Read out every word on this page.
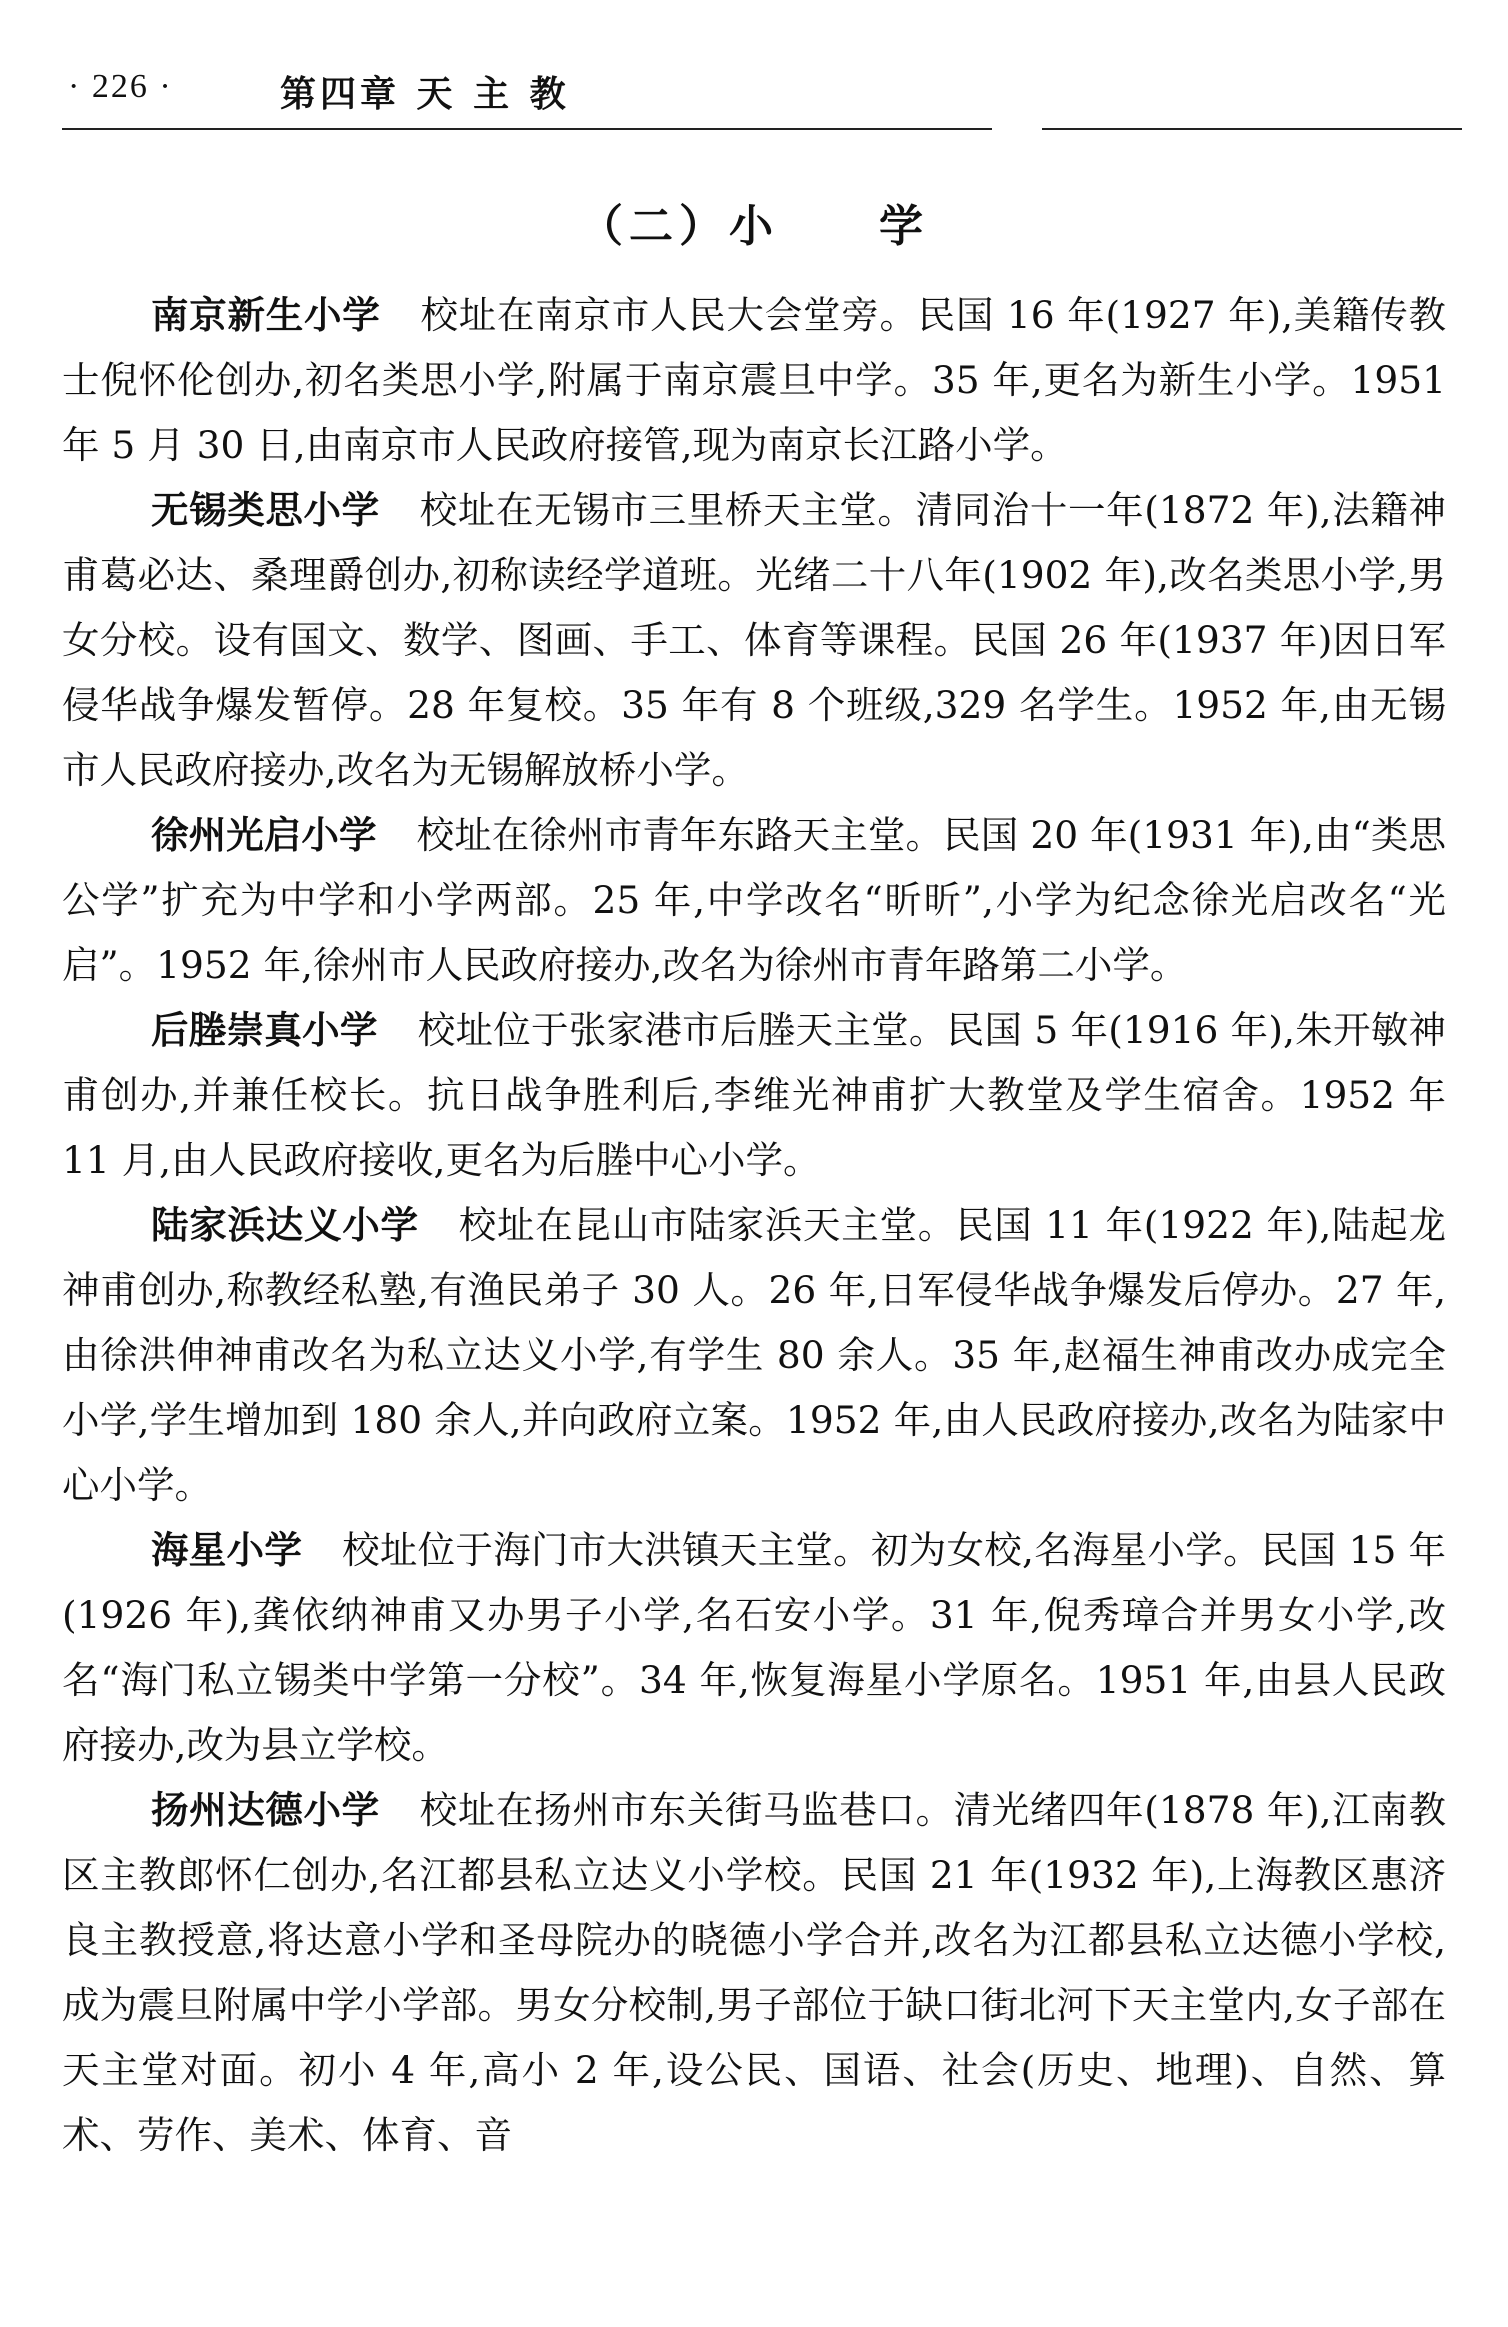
· 226 ·	第四章 天 主 教
（二）小　　学

南京新生小学 校址在南京市人民大会堂旁。民国 16 年(1927 年),美籍传教士倪怀伦创办,初名类思小学,附属于南京震旦中学。35 年,更名为新生小学。1951 年 5 月 30 日,由南京市人民政府接管,现为南京长江路小学。

无锡类思小学 校址在无锡市三里桥天主堂。清同治十一年(1872 年),法籍神甫葛必达、桑理爵创办,初称读经学道班。光绪二十八年(1902 年),改名类思小学,男女分校。设有国文、数学、图画、手工、体育等课程。民国 26 年(1937 年)因日军侵华战争爆发暂停。28 年复校。35 年有 8 个班级,329 名学生。1952 年,由无锡市人民政府接办,改名为无锡解放桥小学。

徐州光启小学 校址在徐州市青年东路天主堂。民国 20 年(1931 年),由“类思公学”扩充为中学和小学两部。25 年,中学改名“昕昕”,小学为纪念徐光启改名“光启”。1952 年,徐州市人民政府接办,改名为徐州市青年路第二小学。

后塍崇真小学 校址位于张家港市后塍天主堂。民国 5 年(1916 年),朱开敏神甫创办,并兼任校长。抗日战争胜利后,李维光神甫扩大教堂及学生宿舍。1952 年 11 月,由人民政府接收,更名为后塍中心小学。

陆家浜达义小学 校址在昆山市陆家浜天主堂。民国 11 年(1922 年),陆起龙神甫创办,称教经私塾,有渔民弟子 30 人。26 年,日军侵华战争爆发后停办。27 年,由徐洪伸神甫改名为私立达义小学,有学生 80 余人。35 年,赵福生神甫改办成完全小学,学生增加到 180 余人,并向政府立案。1952 年,由人民政府接办,改名为陆家中心小学。

海星小学 校址位于海门市大洪镇天主堂。初为女校,名海星小学。民国 15 年(1926 年),龚依纳神甫又办男子小学,名石安小学。31 年,倪秀璋合并男女小学,改名“海门私立锡类中学第一分校”。34 年,恢复海星小学原名。1951 年,由县人民政府接办,改为县立学校。

扬州达德小学 校址在扬州市东关街马监巷口。清光绪四年(1878 年),江南教区主教郎怀仁创办,名江都县私立达义小学校。民国 21 年(1932 年),上海教区惠济良主教授意,将达意小学和圣母院办的晓德小学合并,改名为江都县私立达德小学校,成为震旦附属中学小学部。男女分校制,男子部位于缺口街北河下天主堂内,女子部在天主堂对面。初小 4 年,高小 2 年,设公民、国语、社会(历史、地理)、自然、算术、劳作、美术、体育、音
